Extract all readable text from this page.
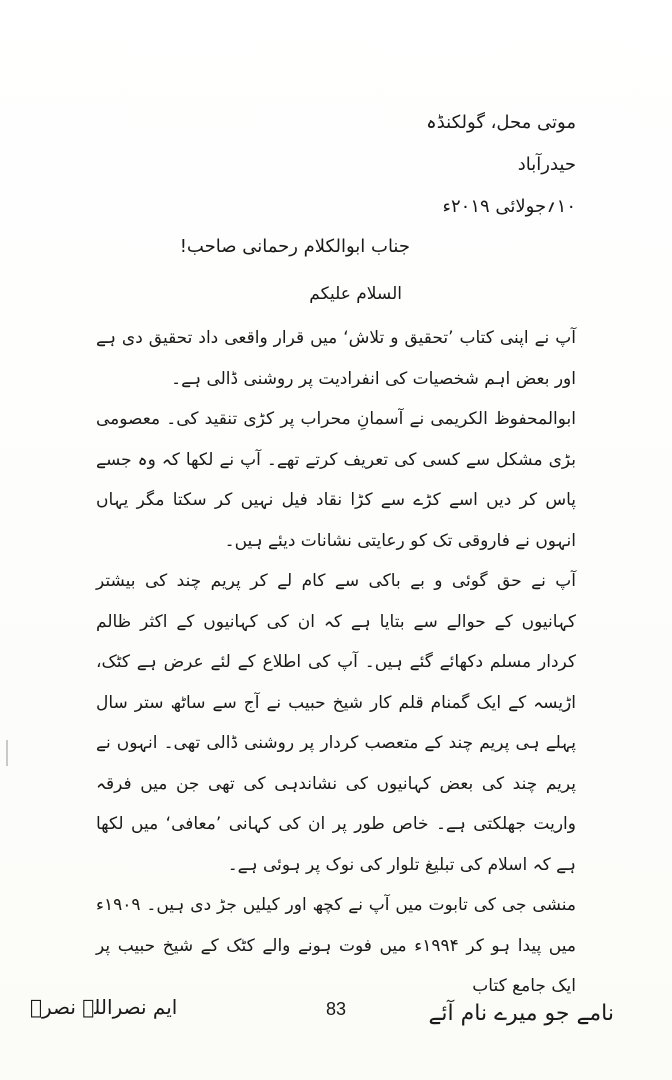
موتی محل، گولکنڈہ
حیدرآباد
۱۰؍جولائی ۲۰۱۹ء
جناب ابوالکلام رحمانی صاحب!
السلام علیکم

آپ نے اپنی کتاب ’تحقیق و تلاش‘ میں قرار واقعی داد تحقیق دی ہے اور بعض اہم شخصیات کی انفرادیت پر روشنی ڈالی ہے۔

ابوالمحفوظ الکریمی نے آسمانِ محراب پر کڑی تنقید کی۔ معصومی بڑی مشکل سے کسی کی تعریف کرتے تھے۔ آپ نے لکھا کہ وہ جسے پاس کر دیں اسے کڑے سے کڑا نقاد فیل نہیں کر سکتا مگر یہاں انہوں نے فاروقی تک کو رعایتی نشانات دیئے ہیں۔

آپ نے حق گوئی و بے باکی سے کام لے کر پریم چند کی بیشتر کہانیوں کے حوالے سے بتایا ہے کہ ان کی کہانیوں کے اکثر ظالم کردار مسلم دکھائے گئے ہیں۔ آپ کی اطلاع کے لئے عرض ہے کٹک، اڑیسہ کے ایک گمنام قلم کار شیخ حبیب نے آج سے ساٹھ ستر سال پہلے ہی پریم چند کے متعصب کردار پر روشنی ڈالی تھی۔ انہوں نے پریم چند کی بعض کہانیوں کی نشاندہی کی تھی جن میں فرقہ واریت جھلکتی ہے۔ خاص طور پر ان کی کہانی ’معافی‘ میں لکھا ہے کہ اسلام کی تبلیغ تلوار کی نوک پر ہوئی ہے۔

منشی جی کی تابوت میں آپ نے کچھ اور کیلیں جڑ دی ہیں۔ ۱۹۰۹ء میں پیدا ہو کر ۱۹۹۴ء میں فوت ہونے والے کٹک کے شیخ حبیب پر ایک جامع کتاب

ایم نصراللہ نصرؔ	83	نامے جو میرے نام آئے
